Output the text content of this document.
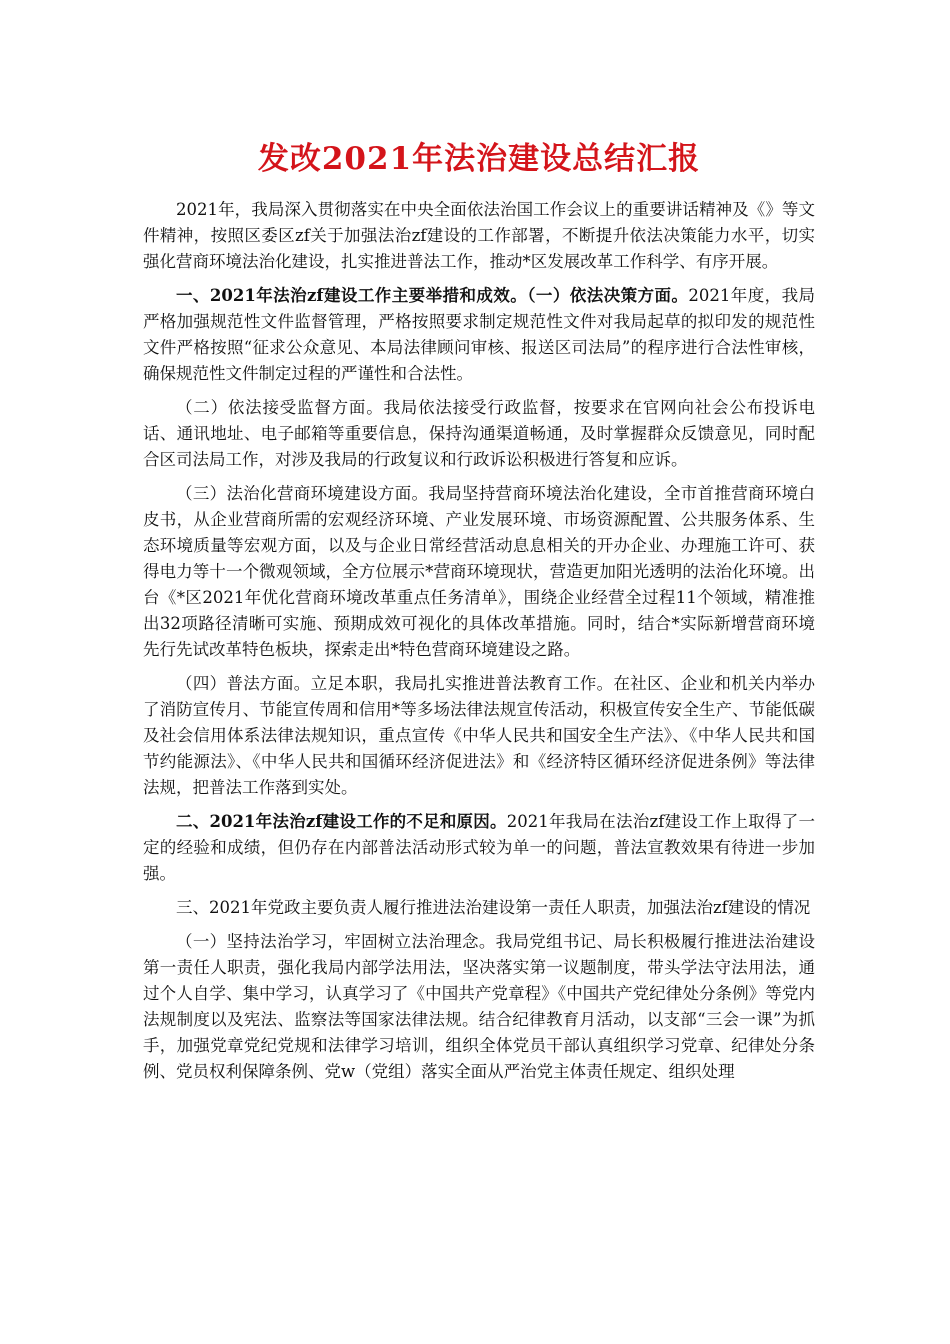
发改2021年法治建设总结汇报

2021年，我局深入贯彻落实在中央全面依法治国工作会议上的重要讲话精神及《》等文件精神，按照区委区zf关于加强法治zf建设的工作部署，不断提升依法决策能力水平，切实强化营商环境法治化建设，扎实推进普法工作，推动*区发展改革工作科学、有序开展。

一、2021年法治zf建设工作主要举措和成效。（一）依法决策方面。2021年度，我局严格加强规范性文件监督管理，严格按照要求制定规范性文件对我局起草的拟印发的规范性文件严格按照“征求公众意见、本局法律顾问审核、报送区司法局”的程序进行合法性审核，确保规范性文件制定过程的严谨性和合法性。

（二）依法接受监督方面。我局依法接受行政监督，按要求在官网向社会公布投诉电话、通讯地址、电子邮箱等重要信息，保持沟通渠道畅通，及时掌握群众反馈意见，同时配合区司法局工作，对涉及我局的行政复议和行政诉讼积极进行答复和应诉。

（三）法治化营商环境建设方面。我局坚持营商环境法治化建设，全市首推营商环境白皮书，从企业营商所需的宏观经济环境、产业发展环境、市场资源配置、公共服务体系、生态环境质量等宏观方面，以及与企业日常经营活动息息相关的开办企业、办理施工许可、获得电力等十一个微观领域，全方位展示*营商环境现状，营造更加阳光透明的法治化环境。出台《*区2021年优化营商环境改革重点任务清单》，围绕企业经营全过程11个领域，精准推出32项路径清晰可实施、预期成效可视化的具体改革措施。同时，结合*实际新增营商环境先行先试改革特色板块，探索走出*特色营商环境建设之路。

（四）普法方面。立足本职，我局扎实推进普法教育工作。在社区、企业和机关内举办了消防宣传月、节能宣传周和信用*等多场法律法规宣传活动，积极宣传安全生产、节能低碳及社会信用体系法律法规知识，重点宣传《中华人民共和国安全生产法》、《中华人民共和国节约能源法》、《中华人民共和国循环经济促进法》和《经济特区循环经济促进条例》等法律法规，把普法工作落到实处。

二、2021年法治zf建设工作的不足和原因。2021年我局在法治zf建设工作上取得了一定的经验和成绩，但仍存在内部普法活动形式较为单一的问题，普法宣教效果有待进一步加强。

三、2021年党政主要负责人履行推进法治建设第一责任人职责，加强法治zf建设的情况

（一）坚持法治学习，牢固树立法治理念。我局党组书记、局长积极履行推进法治建设第一责任人职责，强化我局内部学法用法，坚决落实第一议题制度，带头学法守法用法，通过个人自学、集中学习，认真学习了《中国共产党章程》《中国共产党纪律处分条例》等党内法规制度以及宪法、监察法等国家法律法规。结合纪律教育月活动，以支部“三会一课”为抓手，加强党章党纪党规和法律学习培训，组织全体党员干部认真组织学习党章、纪律处分条例、党员权利保障条例、党w（党组）落实全面从严治党主体责任规定、组织处理
